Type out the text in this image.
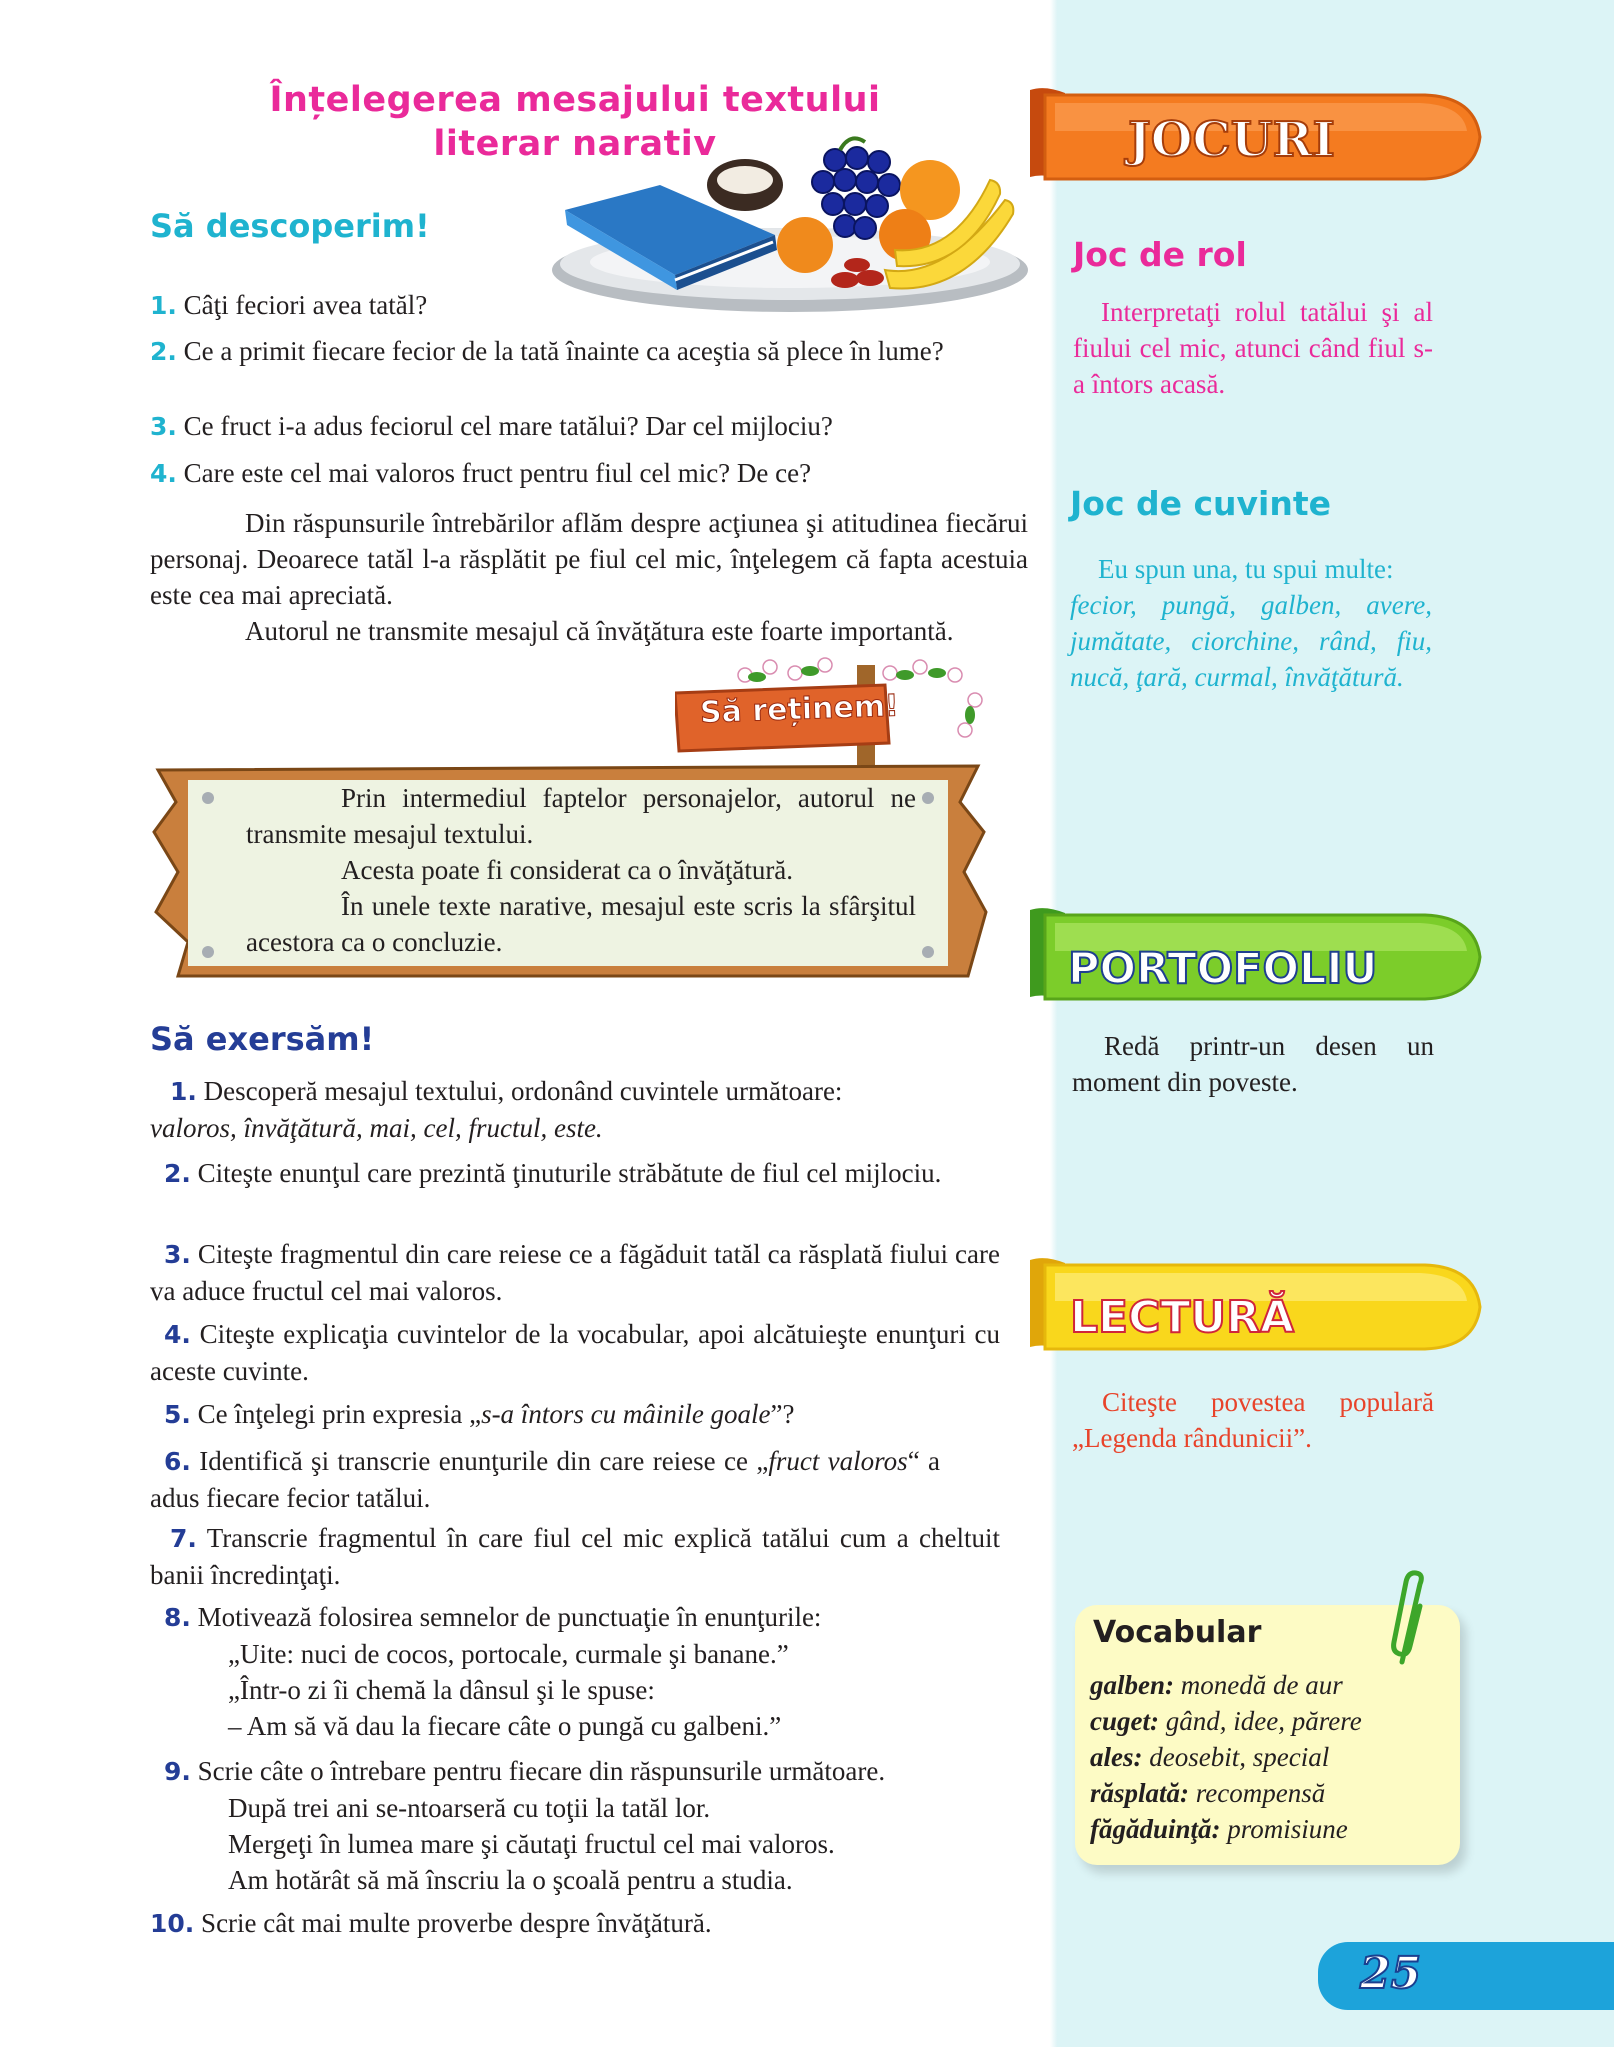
Înțelegerea mesajului textului
literar narativ
Să descoperim!
1. Câţi feciori avea tatăl?
2. Ce a primit fiecare fecior de la tată înainte ca aceştia să plece în lume?
3. Ce fruct i-a adus feciorul cel mare tatălui? Dar cel mijlociu?
4. Care este cel mai valoros fruct pentru fiul cel mic? De ce?
Din răspunsurile întrebărilor aflăm despre acţiunea şi atitudinea fiecărui personaj. Deoarece tatăl l-a răsplătit pe fiul cel mic, înţelegem că fapta acestuia este cea mai apreciată.
Autorul ne transmite mesajul că învăţătura este foarte importantă.
Să reținem!
Prin intermediul faptelor personajelor, autorul ne transmite mesajul textului.
Acesta poate fi considerat ca o învăţătură.
În unele texte narative, mesajul este scris la sfârşitul acestora ca o concluzie.
Să exersăm!
1. Descoperă mesajul textului, ordonând cuvintele următoare:
valoros, învăţătură, mai, cel, fructul, este.
2. Citeşte enunţul care prezintă ţinuturile străbătute de fiul cel mijlociu.
3. Citeşte fragmentul din care reiese ce a făgăduit tatăl ca răsplată fiului care va aduce fructul cel mai valoros.
4. Citeşte explicaţia cuvintelor de la vocabular, apoi alcătuieşte enunţuri cu aceste cuvinte.
5. Ce înţelegi prin expresia „s-a întors cu mâinile goale”?
6. Identifică şi transcrie enunţurile din care reiese ce „fruct valoros“ a adus fiecare fecior tatălui.
7. Transcrie fragmentul în care fiul cel mic explică tatălui cum a cheltuit banii încredinţaţi.
8. Motivează folosirea semnelor de punctuaţie în enunţurile:
„Uite: nuci de cocos, portocale, curmale şi banane.”
„Într-o zi îi chemă la dânsul şi le spuse:
– Am să vă dau la fiecare câte o pungă cu galbeni.”
9. Scrie câte o întrebare pentru fiecare din răspunsurile următoare.
După trei ani se-ntoarseră cu toţii la tatăl lor.
Mergeţi în lumea mare şi căutaţi fructul cel mai valoros.
Am hotărât să mă înscriu la o şcoală pentru a studia.
10. Scrie cât mai multe proverbe despre învăţătură.
JOCURI
Joc de rol
Interpretaţi rolul tatălui şi al fiului cel mic, atunci când fiul s-a întors acasă.
Joc de cuvinte
Eu spun una, tu spui multe:
fecior, pungă, galben, avere, jumătate, ciorchine, rând, fiu, nucă, ţară, curmal, învăţătură.
PORTOFOLIU
Redă printr-un desen un moment din poveste.
LECTURĂ
Citeşte povestea populară „Legenda rândunicii”.
Vocabular
galben: monedă de aur
cuget: gând, idee, părere
ales: deosebit, special
răsplată: recompensă
făgăduinţă: promisiune
25
